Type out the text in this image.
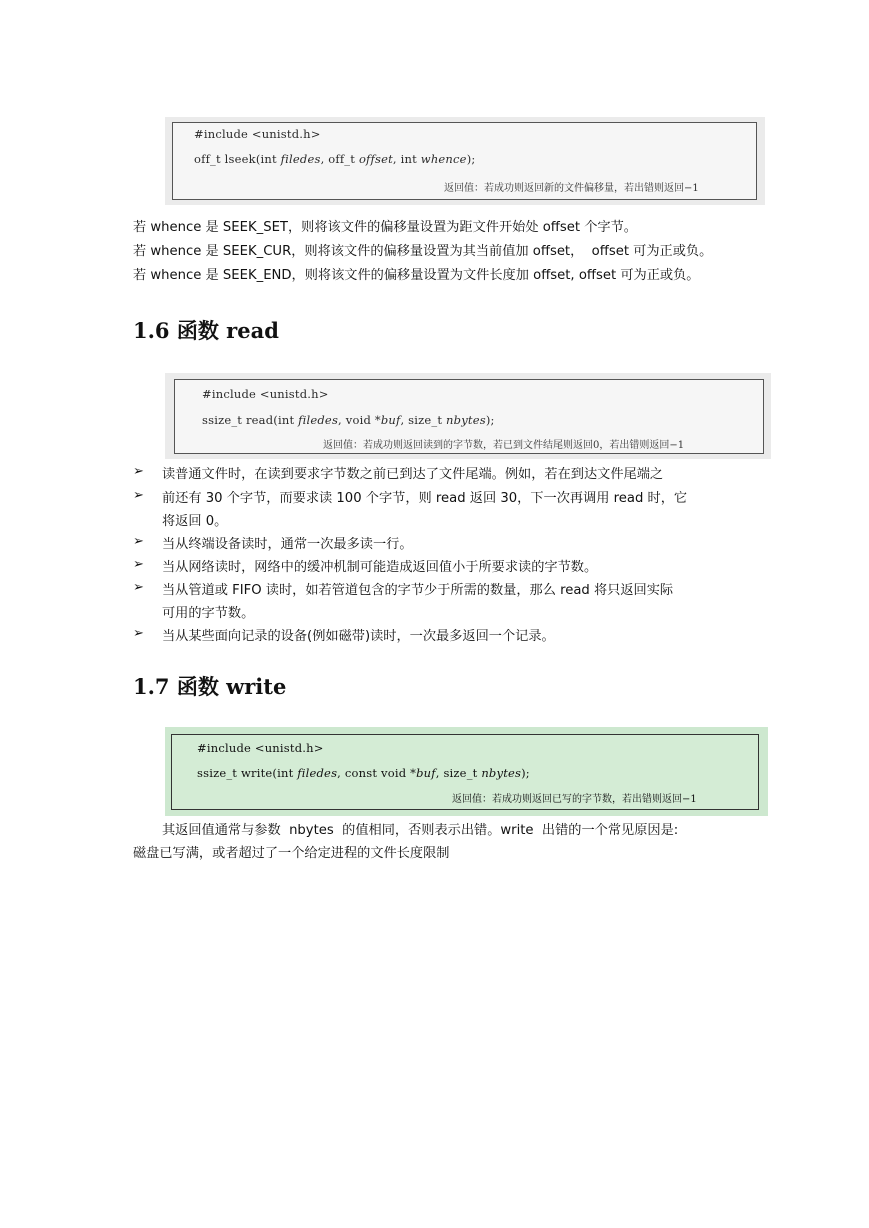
#include <unistd.h>
off_t lseek(int filedes, off_t offset, int whence);
返回值：若成功则返回新的文件偏移量，若出错则返回−1
若 whence 是 SEEK_SET，则将该文件的偏移量设置为距文件开始处 offset 个字节。
若 whence 是 SEEK_CUR，则将该文件的偏移量设置为其当前值加 offset，  offset 可为正或负。
若 whence 是 SEEK_END，则将该文件的偏移量设置为文件长度加 offset, offset 可为正或负。
1.6 函数 read
#include <unistd.h>
ssize_t read(int filedes, void *buf, size_t nbytes);
返回值：若成功则返回读到的字节数，若已到文件结尾则返回0，若出错则返回−1
➢ 读普通文件时，在读到要求字节数之前已到达了文件尾端。例如，若在到达文件尾端之
➢ 前还有 30 个字节，而要求读 100 个字节，则 read 返回 30，下一次再调用 read 时，它
将返回 0。
➢ 当从终端设备读时，通常一次最多读一行。
➢ 当从网络读时，网络中的缓冲机制可能造成返回值小于所要求读的字节数。
➢ 当从管道或 FIFO 读时，如若管道包含的字节少于所需的数量，那么 read 将只返回实际
可用的字节数。
➢ 当从某些面向记录的设备(例如磁带)读时，一次最多返回一个记录。
1.7 函数 write
#include <unistd.h>
ssize_t write(int filedes, const void *buf, size_t nbytes);
返回值：若成功则返回已写的字节数，若出错则返回−1
其返回值通常与参数  nbytes  的值相同，否则表示出错。write  出错的一个常见原因是:
磁盘已写满，或者超过了一个给定进程的文件长度限制
